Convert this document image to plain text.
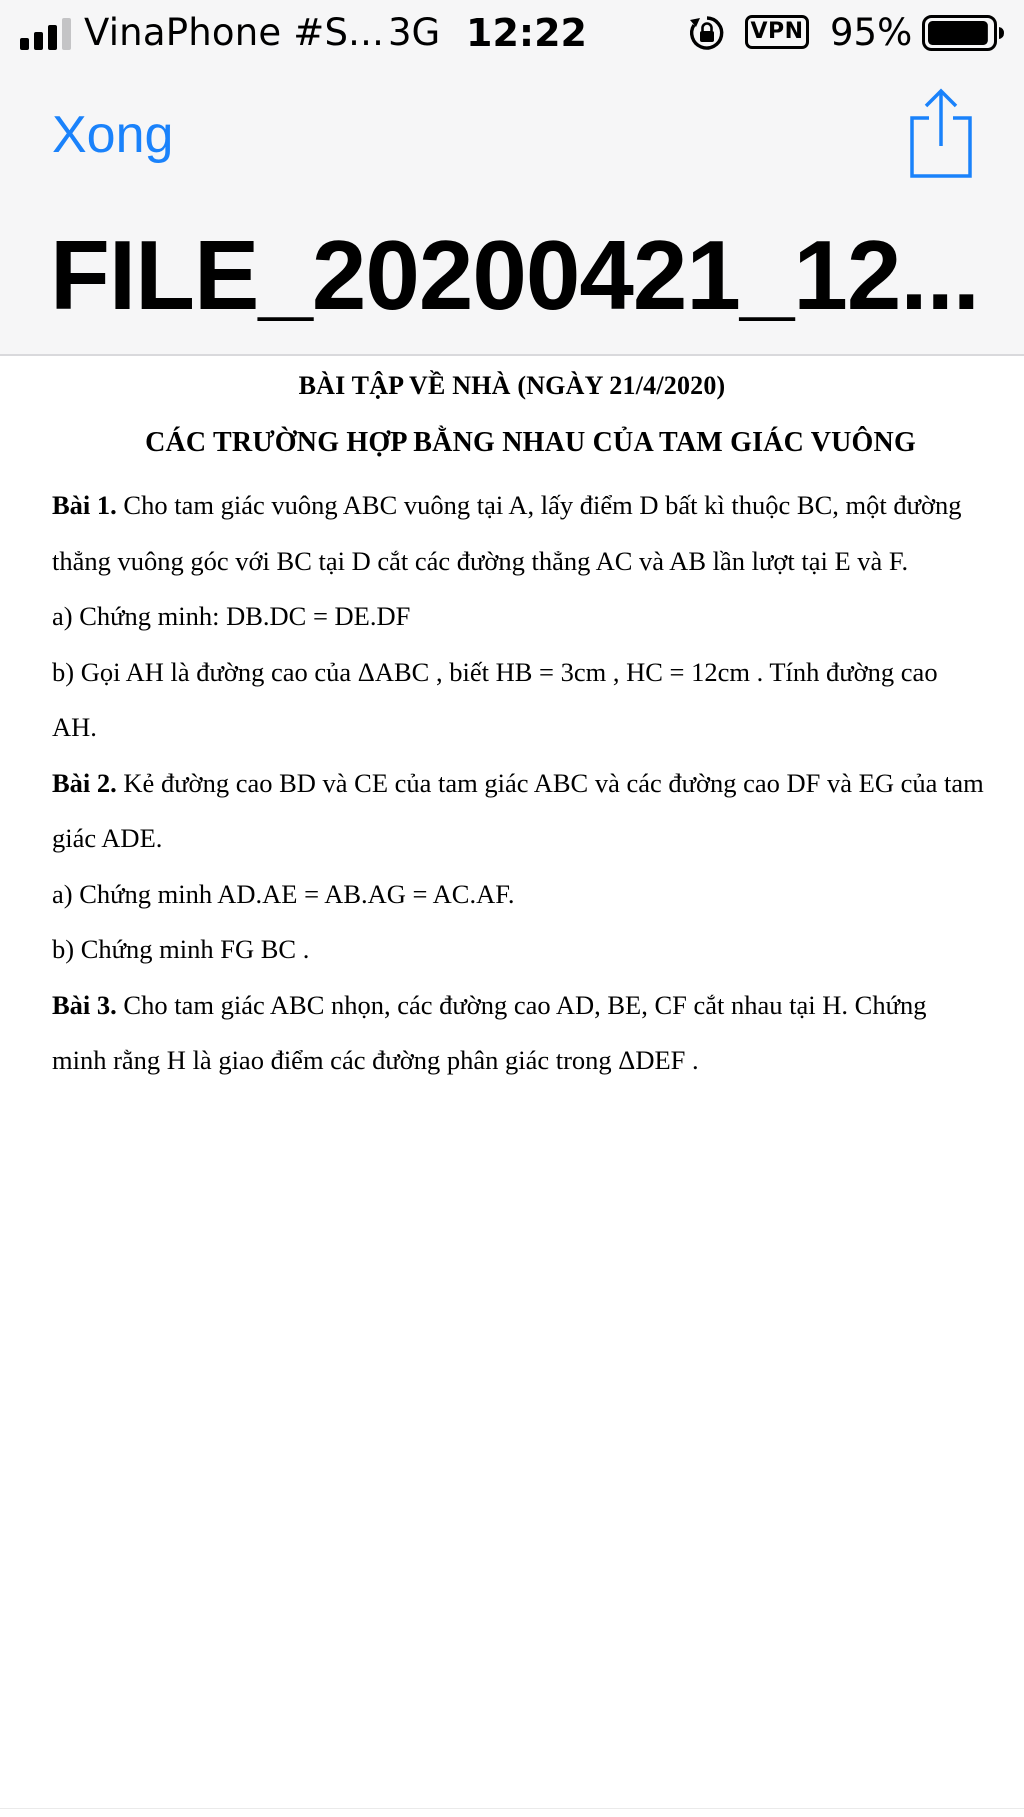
VinaPhone #S... 3G 12:22	VPN 95%
Xong
FILE_20200421_12...
BÀI TẬP VỀ NHÀ (NGÀY 21/4/2020)
CÁC TRƯỜNG HỢP BẰNG NHAU CỦA TAM GIÁC VUÔNG

Bài 1. Cho tam giác vuông ABC vuông tại A, lấy điểm D bất kì thuộc BC, một đường thẳng vuông góc với BC tại D cắt các đường thẳng AC và AB lần lượt tại E và F.

a) Chứng minh: DB.DC = DE.DF

b) Gọi AH là đường cao của ΔABC , biết HB = 3cm , HC = 12cm . Tính đường cao AH.

Bài 2. Kẻ đường cao BD và CE của tam giác ABC và các đường cao DF và EG của tam giác ADE.

a) Chứng minh AD.AE = AB.AG = AC.AF.

b) Chứng minh FG BC .

Bài 3. Cho tam giác ABC nhọn, các đường cao AD, BE, CF cắt nhau tại H. Chứng minh rằng H là giao điểm các đường phân giác trong ΔDEF .
